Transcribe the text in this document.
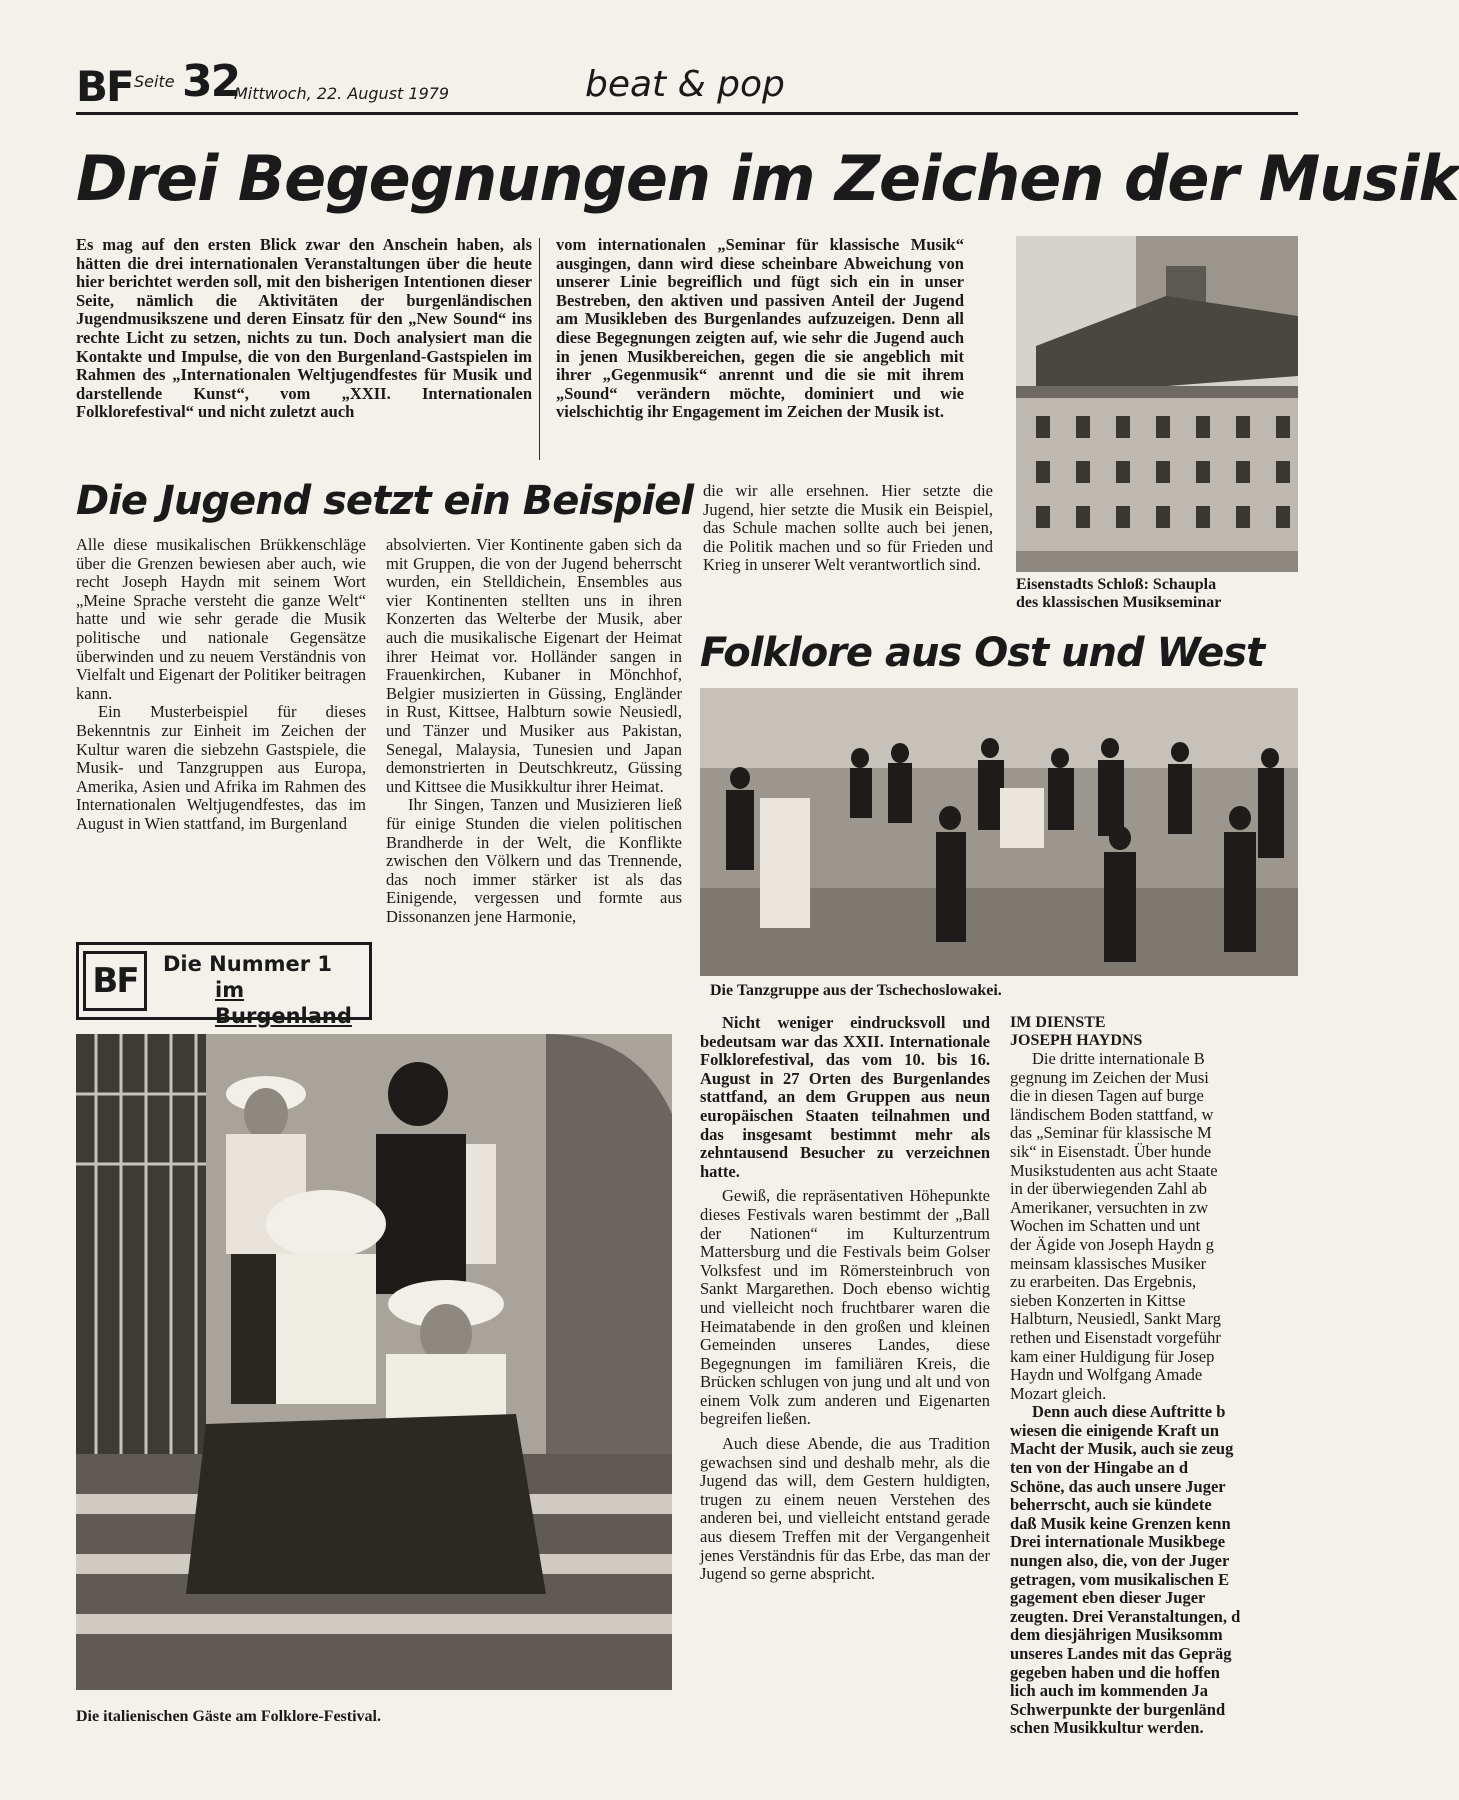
BF Seite 32
Mittwoch, 22. August 1979	beat & pop
Drei Begegnungen im Zeichen der Musik

Es mag auf den ersten Blick zwar den Anschein haben, als hätten die drei internationalen Veranstaltungen über die heute hier berichtet werden soll, mit den bisherigen Intentionen dieser Seite, nämlich die Aktivitäten der burgenländischen Jugendmusikszene und deren Einsatz für den „New Sound“ ins rechte Licht zu setzen, nichts zu tun. Doch analysiert man die Kontakte und Impulse, die von den Burgenland-Gastspielen im Rahmen des „Internationalen Weltjugendfestes für Musik und darstellende Kunst“, vom „XXII. Internationalen Folklorefestival“ und nicht zuletzt auch

vom internationalen „Seminar für klassische Musik“ ausgingen, dann wird diese scheinbare Abweichung von unserer Linie begreiflich und fügt sich ein in unser Bestreben, den aktiven und passiven Anteil der Jugend am Musikleben des Burgenlandes aufzuzeigen. Denn all diese Begegnungen zeigten auf, wie sehr die Jugend auch in jenen Musikbereichen, gegen die sie angeblich mit ihrer „Gegenmusik“ anrennt und die sie mit ihrem „Sound“ verändern möchte, dominiert und wie vielschichtig ihr Engagement im Zeichen der Musik ist.

Eisenstadts Schloß: Schaupla
des klassischen Musikseminar
Die Jugend setzt ein Beispiel

Alle diese musikalischen Brükkenschläge über die Grenzen bewiesen aber auch, wie recht Joseph Haydn mit seinem Wort „Meine Sprache versteht die ganze Welt“ hatte und wie sehr gerade die Musik politische und nationale Gegensätze überwinden und zu neuem Verständnis von Vielfalt und Eigenart der Politiker beitragen kann.

Ein Musterbeispiel für dieses Bekenntnis zur Einheit im Zeichen der Kultur waren die siebzehn Gastspiele, die Musik- und Tanzgruppen aus Europa, Amerika, Asien und Afrika im Rahmen des Internationalen Weltjugendfestes, das im August in Wien stattfand, im Burgenland

BF	Die Nummer 1
im Burgenland

absolvierten. Vier Kontinente gaben sich da mit Gruppen, die von der Jugend beherrscht wurden, ein Stelldichein, Ensembles aus vier Kontinenten stellten uns in ihren Konzerten das Welterbe der Musik, aber auch die musikalische Eigenart der Heimat ihrer Heimat vor. Holländer sangen in Frauenkirchen, Kubaner in Mönchhof, Belgier musizierten in Güssing, Engländer in Rust, Kittsee, Halbturn sowie Neusiedl, und Tänzer und Musiker aus Pakistan, Senegal, Malaysia, Tunesien und Japan demonstrierten in Deutschkreutz, Güssing und Kittsee die Musikkultur ihrer Heimat.

Ihr Singen, Tanzen und Musizieren ließ für einige Stunden die vielen politischen Brandherde in der Welt, die Konflikte zwischen den Völkern und das Trennende, das noch immer stärker ist als das Einigende, vergessen und formte aus Dissonanzen jene Harmonie,

die wir alle ersehnen. Hier setzte die Jugend, hier setzte die Musik ein Beispiel, das Schule machen sollte auch bei jenen, die Politik machen und so für Frieden und Krieg in unserer Welt verantwortlich sind.

Folklore aus Ost und West
Die Tanzgruppe aus der Tschechoslowakei.
Die italienischen Gäste am Folklore-Festival.

Nicht weniger eindrucksvoll und bedeutsam war das XXII. Internationale Folklorefestival, das vom 10. bis 16. August in 27 Orten des Burgenlandes stattfand, an dem Gruppen aus neun europäischen Staaten teilnahmen und das insgesamt bestimmt mehr als zehntausend Besucher zu verzeichnen hatte.

Gewiß, die repräsentativen Höhepunkte dieses Festivals waren bestimmt der „Ball der Nationen“ im Kulturzentrum Mattersburg und die Festivals beim Golser Volksfest und im Römersteinbruch von Sankt Margarethen. Doch ebenso wichtig und vielleicht noch fruchtbarer waren die Heimatabende in den großen und kleinen Gemeinden unseres Landes, diese Begegnungen im familiären Kreis, die Brücken schlugen von jung und alt und von einem Volk zum anderen und Eigenarten begreifen ließen.

Auch diese Abende, die aus Tradition gewachsen sind und deshalb mehr, als die Jugend das will, dem Gestern huldigten, trugen zu einem neuen Verstehen des anderen bei, und vielleicht entstand gerade aus diesem Treffen mit der Vergangenheit jenes Verständnis für das Erbe, das man der Jugend so gerne abspricht.

IM DIENSTE
JOSEPH HAYDNS
Die dritte internationale B
gegnung im Zeichen der Musi
die in diesen Tagen auf burge
ländischem Boden stattfand, w
das „Seminar für klassische M
sik“ in Eisenstadt. Über hunde
Musikstudenten aus acht Staate
in der überwiegenden Zahl ab
Amerikaner, versuchten in zw
Wochen im Schatten und unt
der Ägide von Joseph Haydn g
meinsam klassisches Musiker
zu erarbeiten. Das Ergebnis,
sieben Konzerten in Kittse
Halbturn, Neusiedl, Sankt Marg
rethen und Eisenstadt vorgeführ
kam einer Huldigung für Josep
Haydn und Wolfgang Amade
Mozart gleich.
Denn auch diese Auftritte b
wiesen die einigende Kraft un
Macht der Musik, auch sie zeug
ten von der Hingabe an d
Schöne, das auch unsere Juger
beherrscht, auch sie kündete
daß Musik keine Grenzen kenn
Drei internationale Musikbege
nungen also, die, von der Juger
getragen, vom musikalischen E
gagement eben dieser Juger
zeugten. Drei Veranstaltungen, d
dem diesjährigen Musiksomm
unseres Landes mit das Gepräg
gegeben haben und die hoffen
lich auch im kommenden Ja
Schwerpunkte der burgenländ
schen Musikkultur werden.
